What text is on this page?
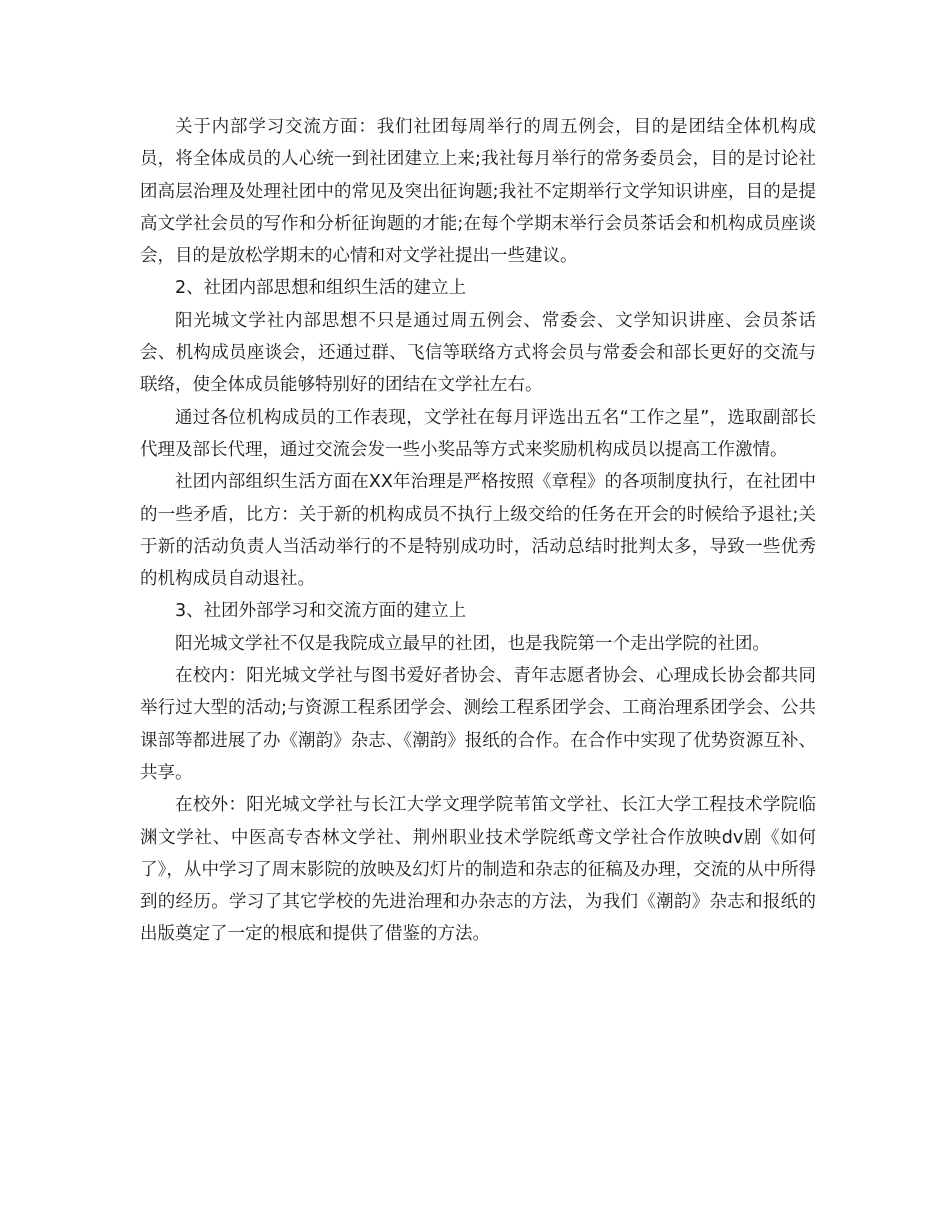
关于内部学习交流方面：我们社团每周举行的周五例会，目的是团结全体机构成员，将全体成员的人心统一到社团建立上来;我社每月举行的常务委员会，目的是讨论社团高层治理及处理社团中的常见及突出征询题;我社不定期举行文学知识讲座，目的是提高文学社会员的写作和分析征询题的才能;在每个学期末举行会员茶话会和机构成员座谈会，目的是放松学期末的心情和对文学社提出一些建议。

2、社团内部思想和组织生活的建立上

阳光城文学社内部思想不只是通过周五例会、常委会、文学知识讲座、会员茶话会、机构成员座谈会，还通过群、飞信等联络方式将会员与常委会和部长更好的交流与联络，使全体成员能够特别好的团结在文学社左右。

通过各位机构成员的工作表现，文学社在每月评选出五名“工作之星”，选取副部长代理及部长代理，通过交流会发一些小奖品等方式来奖励机构成员以提高工作激情。

社团内部组织生活方面在XX年治理是严格按照《章程》的各项制度执行，在社团中的一些矛盾，比方：关于新的机构成员不执行上级交给的任务在开会的时候给予退社;关于新的活动负责人当活动举行的不是特别成功时，活动总结时批判太多，导致一些优秀的机构成员自动退社。

3、社团外部学习和交流方面的建立上

阳光城文学社不仅是我院成立最早的社团，也是我院第一个走出学院的社团。

在校内：阳光城文学社与图书爱好者协会、青年志愿者协会、心理成长协会都共同举行过大型的活动;与资源工程系团学会、测绘工程系团学会、工商治理系团学会、公共课部等都进展了办《潮韵》杂志、《潮韵》报纸的合作。在合作中实现了优势资源互补、共享。

在校外：阳光城文学社与长江大学文理学院苇笛文学社、长江大学工程技术学院临渊文学社、中医高专杏林文学社、荆州职业技术学院纸鸢文学社合作放映dv剧《如何了》，从中学习了周末影院的放映及幻灯片的制造和杂志的征稿及办理，交流的从中所得到的经历。学习了其它学校的先进治理和办杂志的方法，为我们《潮韵》杂志和报纸的出版奠定了一定的根底和提供了借鉴的方法。
